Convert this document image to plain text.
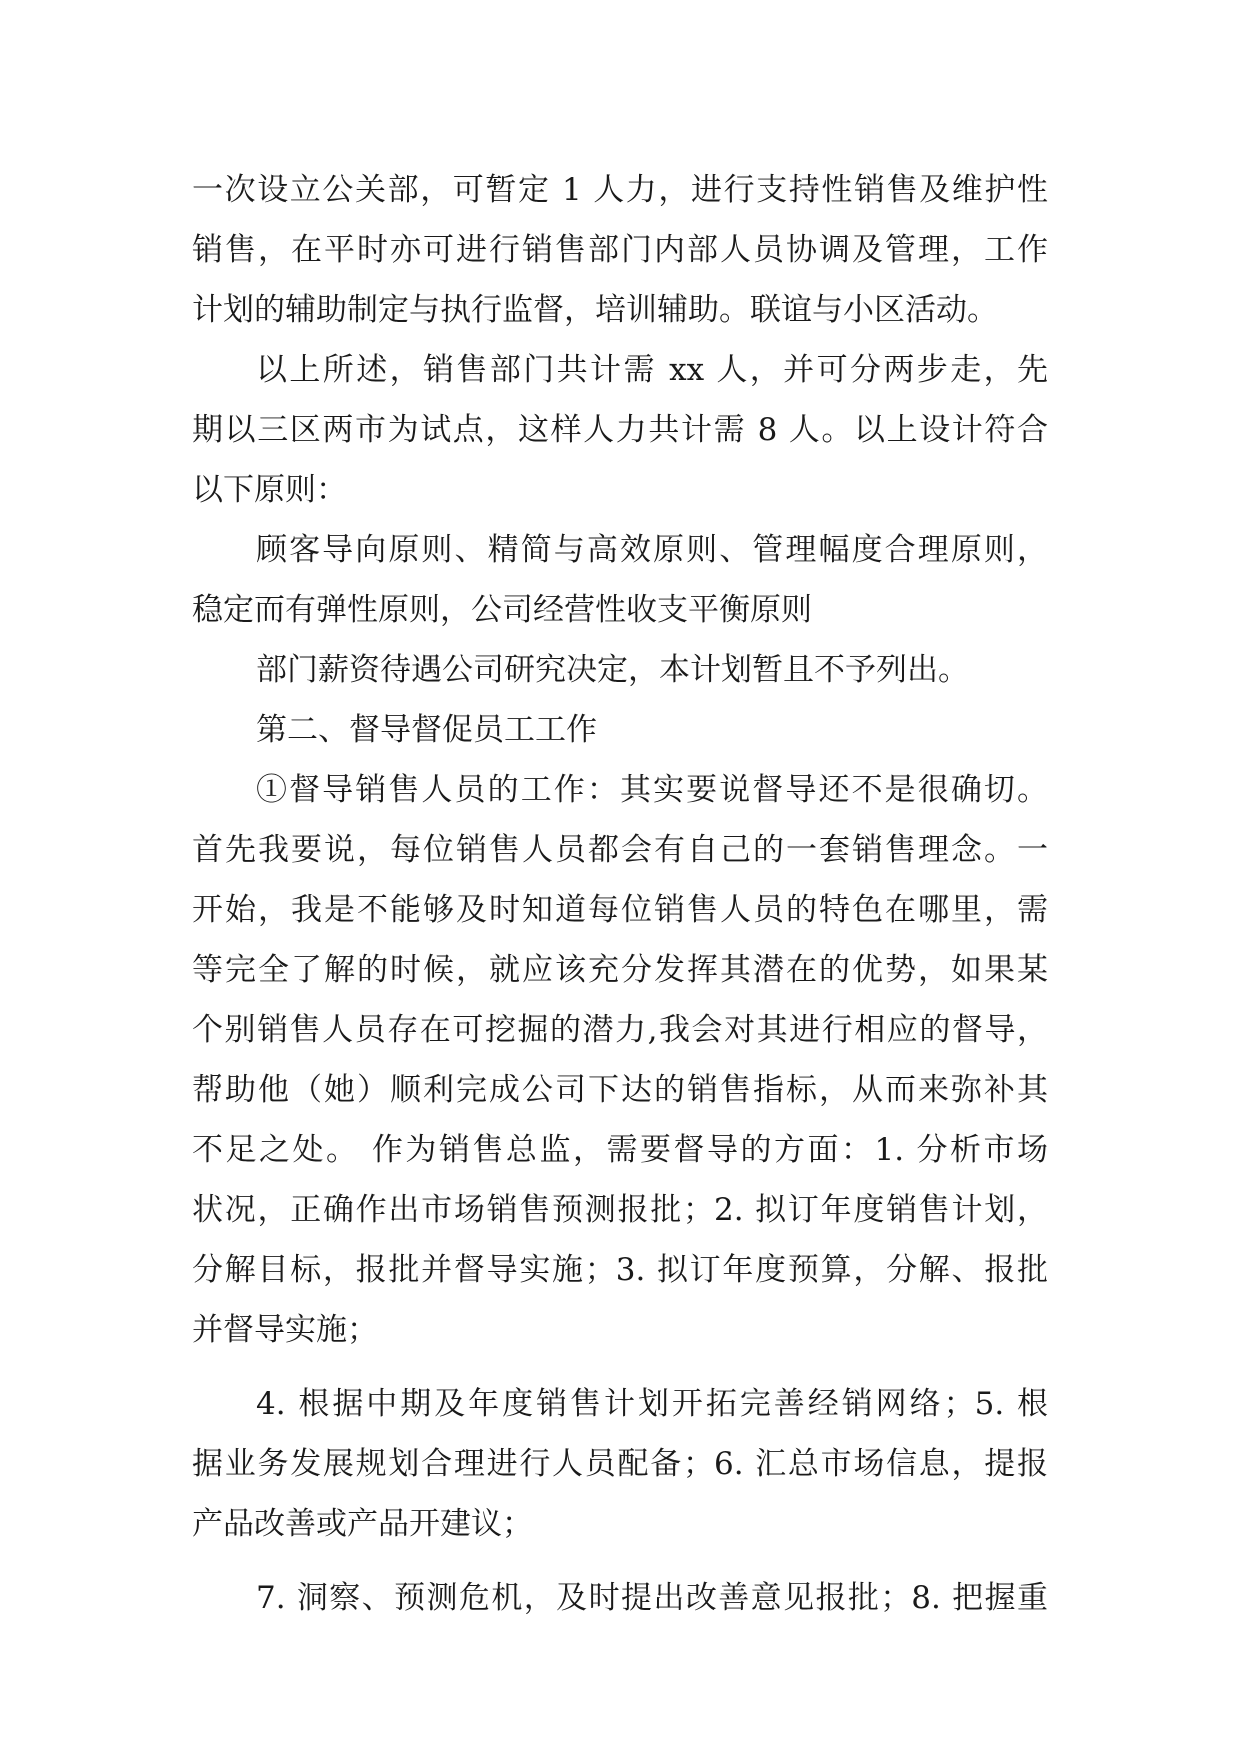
一次设立公关部，可暂定 1 人力，进行支持性销售及维护性
销售，在平时亦可进行销售部门内部人员协调及管理，工作
计划的辅助制定与执行监督，培训辅助。联谊与小区活动。
以上所述，销售部门共计需 xx 人，并可分两步走，先
期以三区两市为试点，这样人力共计需 8 人。以上设计符合
以下原则：
顾客导向原则、精简与高效原则、管理幅度合理原则，
稳定而有弹性原则，公司经营性收支平衡原则
部门薪资待遇公司研究决定，本计划暂且不予列出。
第二、督导督促员工工作
①督导销售人员的工作：其实要说督导还不是很确切。
首先我要说，每位销售人员都会有自己的一套销售理念。一
开始，我是不能够及时知道每位销售人员的特色在哪里，需
等完全了解的时候，就应该充分发挥其潜在的优势，如果某
个别销售人员存在可挖掘的潜力,我会对其进行相应的督导，
帮助他（她）顺利完成公司下达的销售指标，从而来弥补其
不足之处。 作为销售总监，需要督导的方面：1. 分析市场
状况，正确作出市场销售预测报批；2. 拟订年度销售计划，
分解目标，报批并督导实施；3. 拟订年度预算，分解、报批
并督导实施；
4. 根据中期及年度销售计划开拓完善经销网络；5. 根
据业务发展规划合理进行人员配备；6. 汇总市场信息，提报
产品改善或产品开建议；
7. 洞察、预测危机，及时提出改善意见报批；8. 把握重
